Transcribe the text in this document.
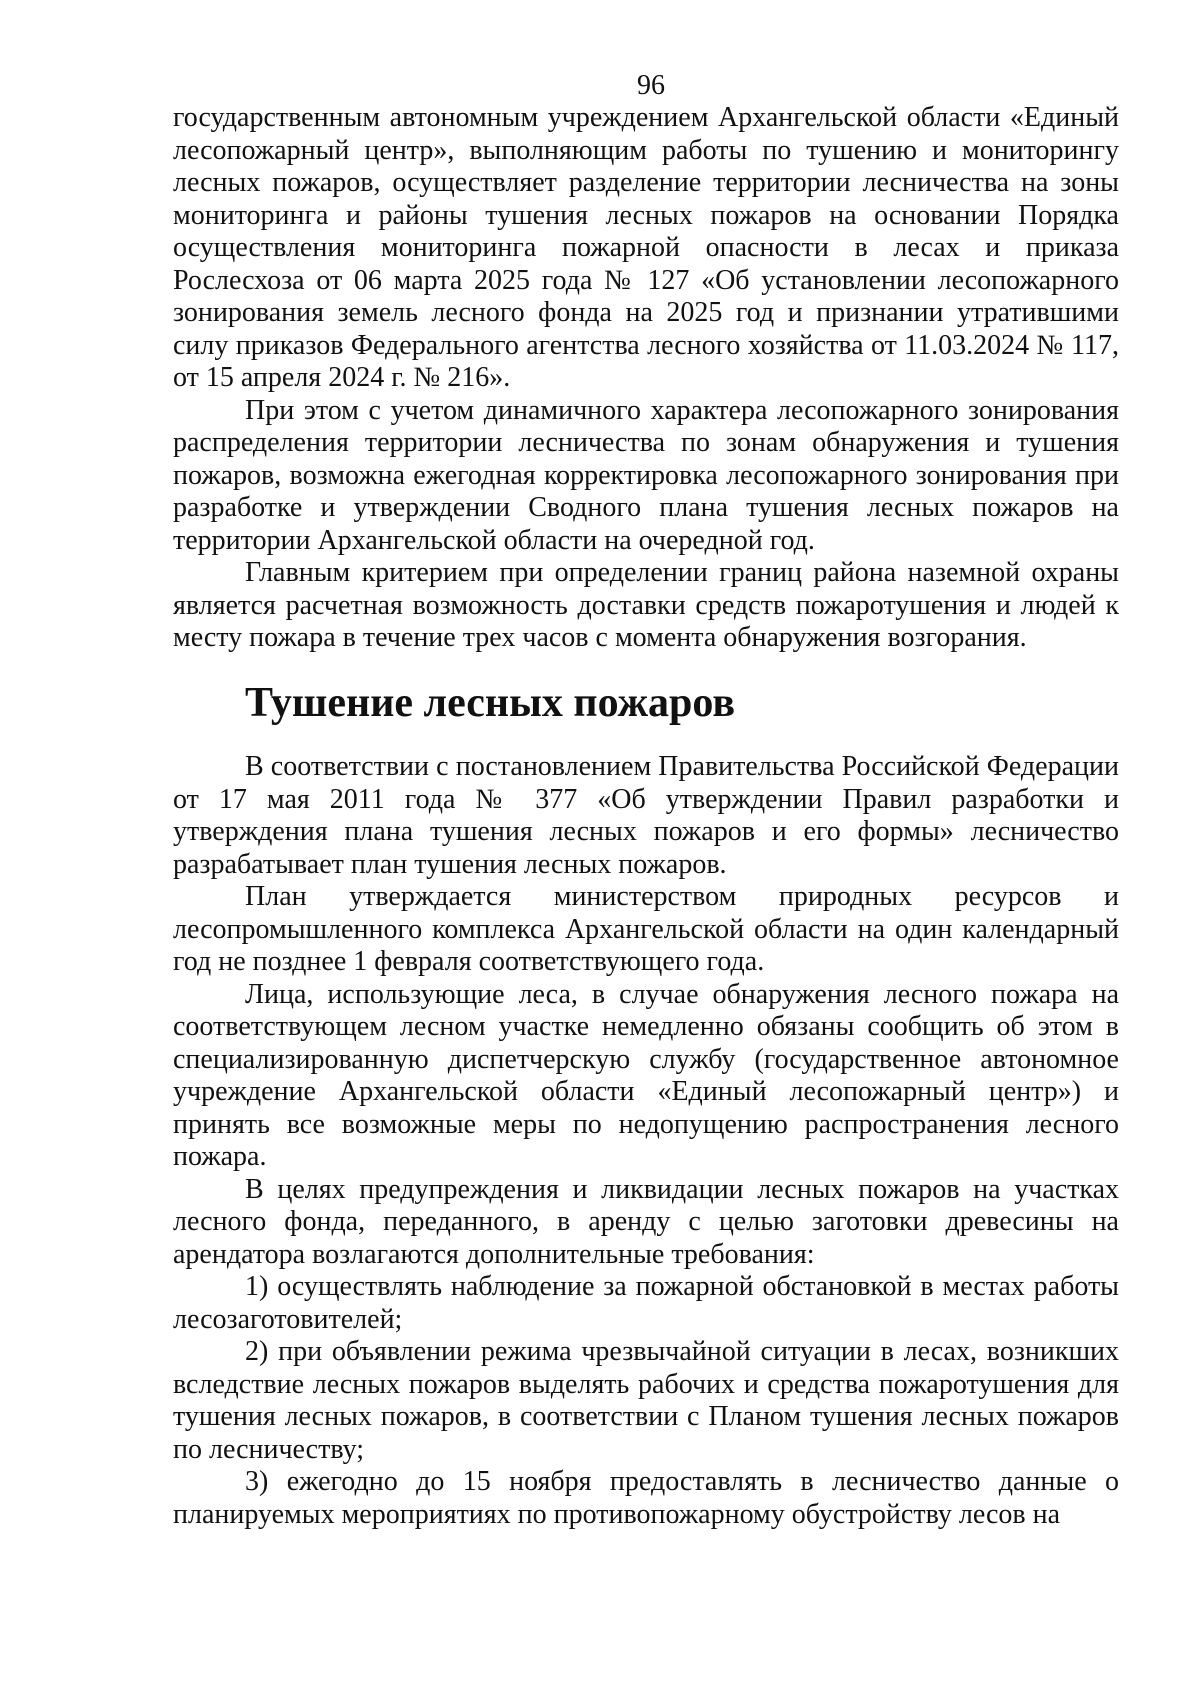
96

государственным автономным учреждением Архангельской области «Единый лесопожарный центр», выполняющим работы по тушению и мониторингу лесных пожаров, осуществляет разделение территории лесничества на зоны мониторинга и районы тушения лесных пожаров на основании Порядка осуществления мониторинга пожарной опасности в лесах и приказа Рослесхоза от 06 марта 2025 года № 127 «Об установлении лесопожарного зонирования земель лесного фонда на 2025 год и признании утратившими силу приказов Федерального агентства лесного хозяйства от 11.03.2024 № 117, от 15 апреля 2024 г. № 216».

При этом с учетом динамичного характера лесопожарного зонирования распределения территории лесничества по зонам обнаружения и тушения пожаров, возможна ежегодная корректировка лесопожарного зонирования при разработке и утверждении Сводного плана тушения лесных пожаров на территории Архангельской области на очередной год.

Главным критерием при определении границ района наземной охраны является расчетная возможность доставки средств пожаротушения и людей к месту пожара в течение трех часов с момента обнаружения возгорания.

Тушение лесных пожаров

В соответствии с постановлением Правительства Российской Федерации от 17 мая 2011 года № 377 «Об утверждении Правил разработки и утверждения плана тушения лесных пожаров и его формы» лесничество разрабатывает план тушения лесных пожаров.

План утверждается министерством природных ресурсов и лесопромышленного комплекса Архангельской области на один календарный год не позднее 1 февраля соответствующего года.

Лица, использующие леса, в случае обнаружения лесного пожара на соответствующем лесном участке немедленно обязаны сообщить об этом в специализированную диспетчерскую службу (государственное автономное учреждение Архангельской области «Единый лесопожарный центр») и принять все возможные меры по недопущению распространения лесного пожара.

В целях предупреждения и ликвидации лесных пожаров на участках лесного фонда, переданного, в аренду с целью заготовки древесины на арендатора возлагаются дополнительные требования:

1) осуществлять наблюдение за пожарной обстановкой в местах работы лесозаготовителей;

2) при объявлении режима чрезвычайной ситуации в лесах, возникших вследствие лесных пожаров выделять рабочих и средства пожаротушения для тушения лесных пожаров, в соответствии с Планом тушения лесных пожаров по лесничеству;

3) ежегодно до 15 ноября предоставлять в лесничество данные о планируемых мероприятиях по противопожарному обустройству лесов на
